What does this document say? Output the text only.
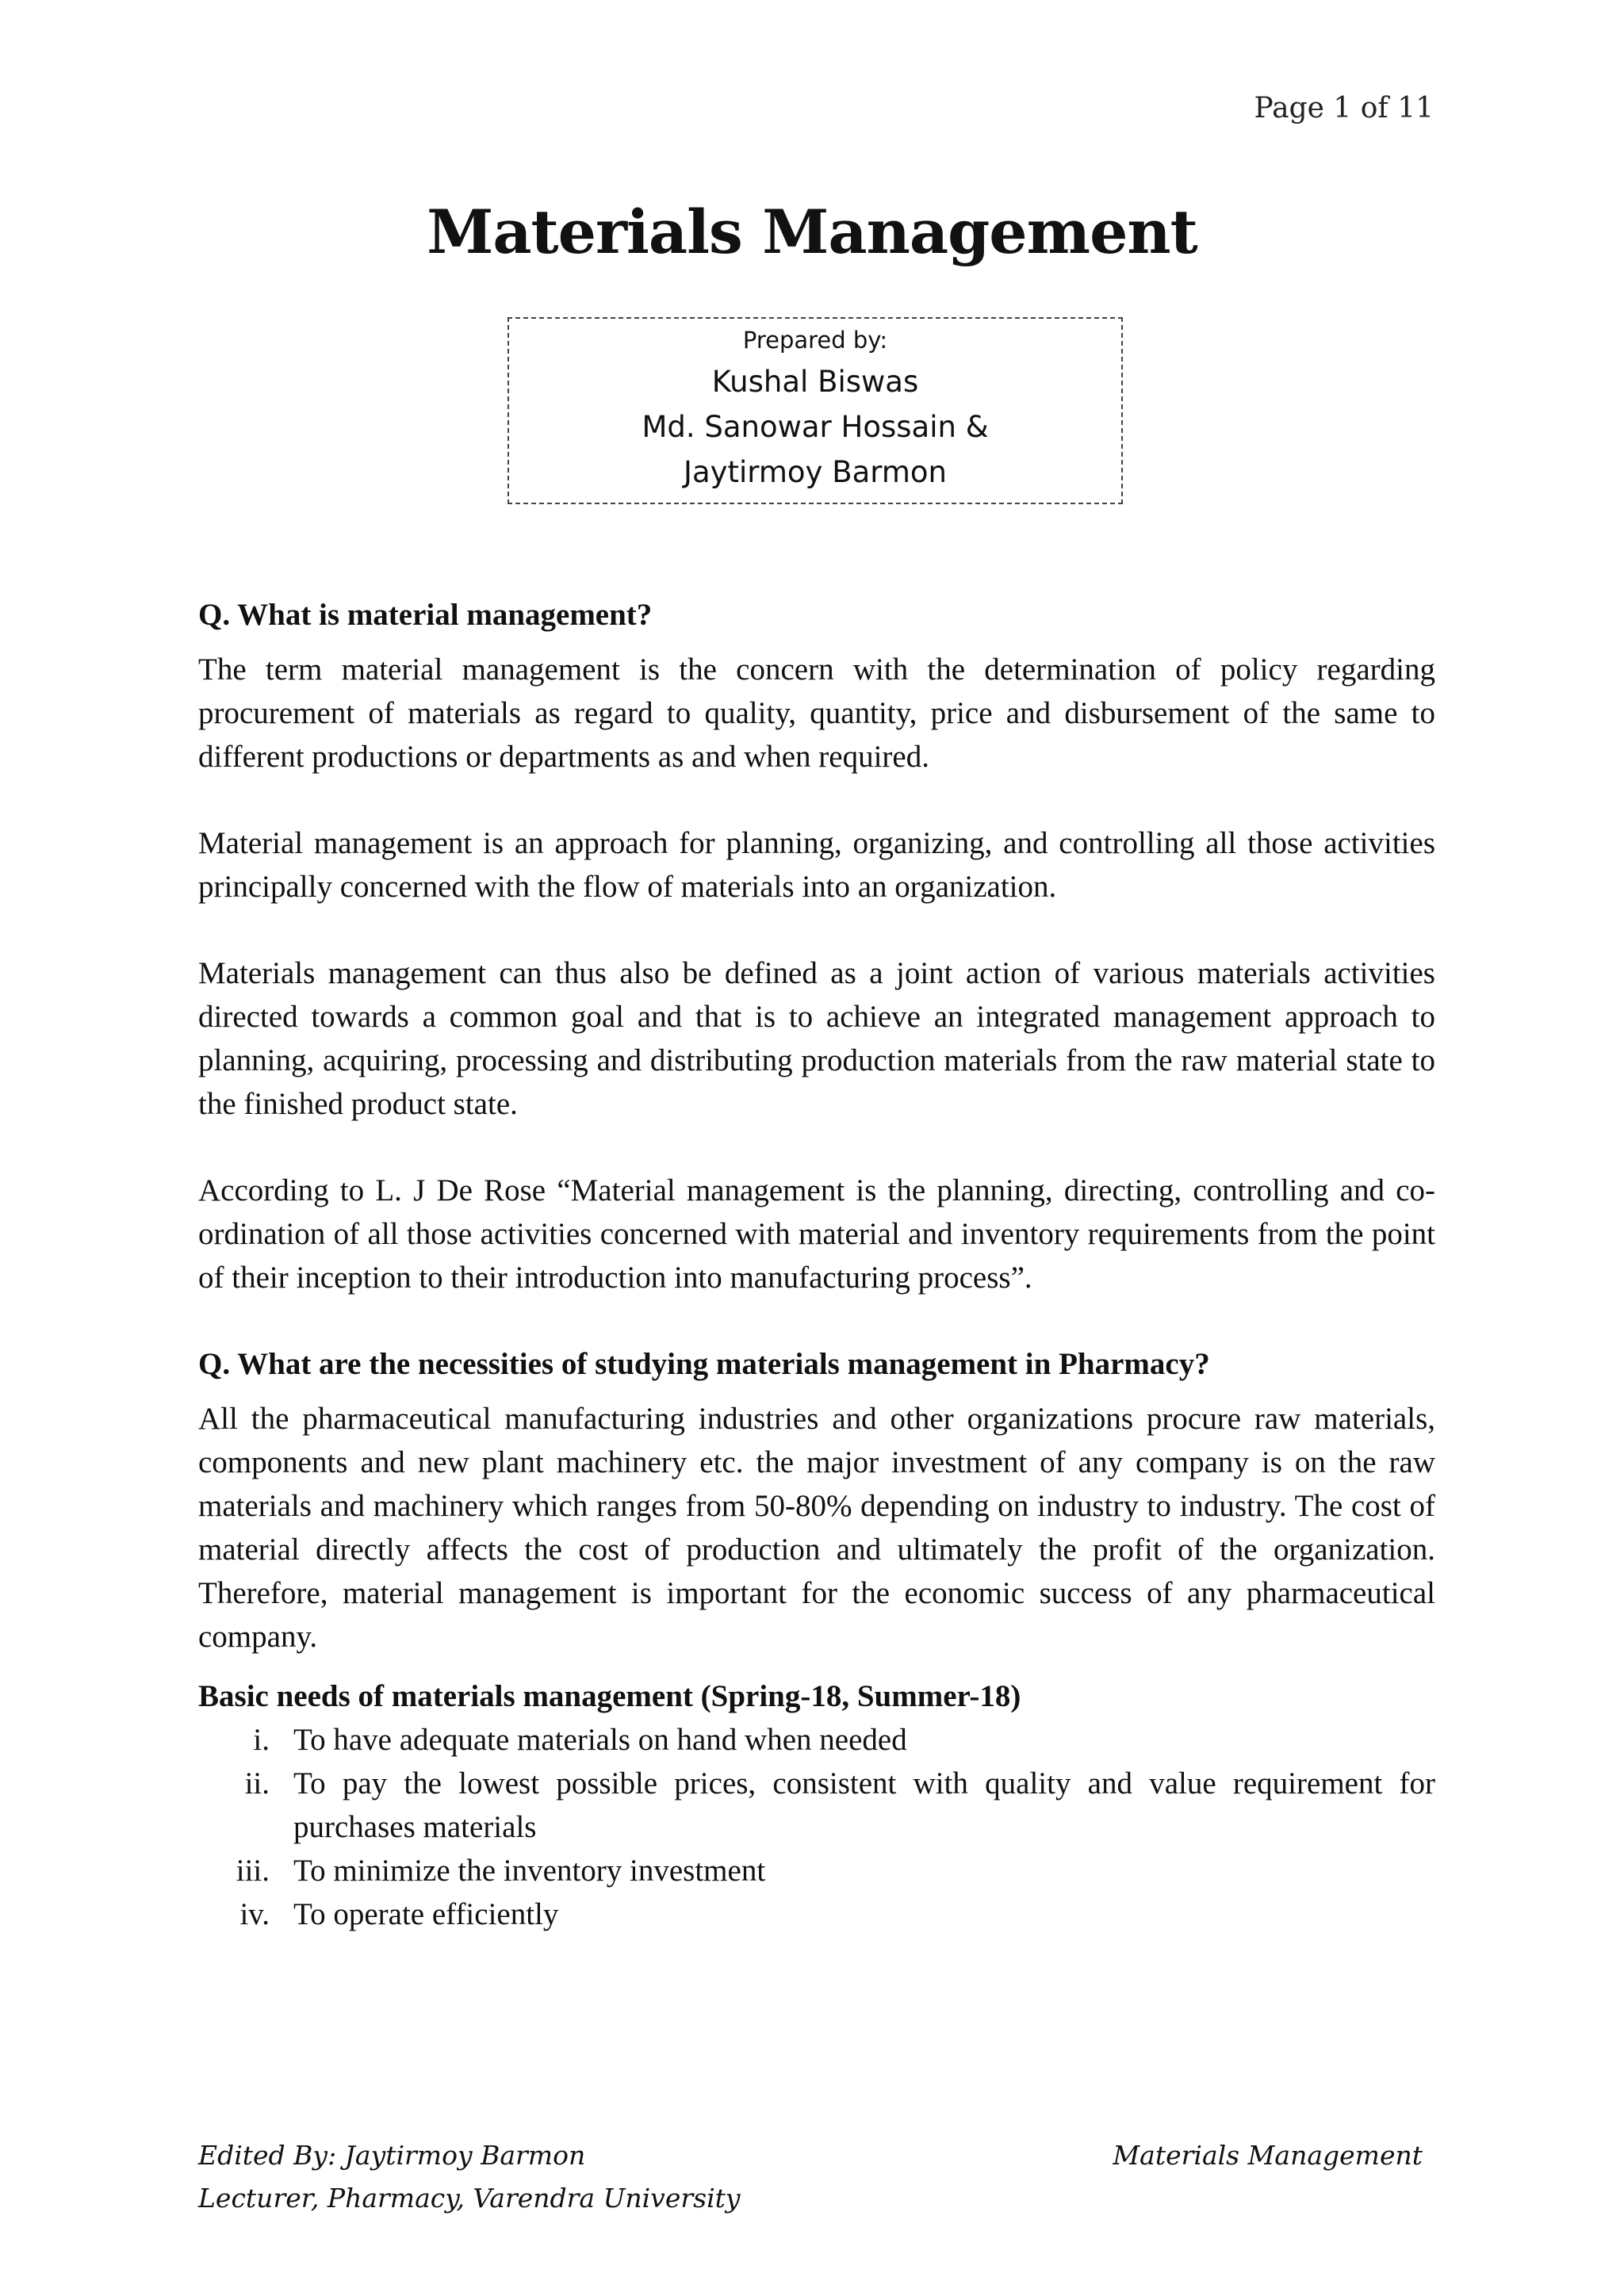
Page 1 of 11
Materials Management
Prepared by:
Kushal Biswas
Md. Sanowar Hossain &
Jaytirmoy Barmon
Q. What is material management?

The term material management is the concern with the determination of policy regarding procurement of materials as regard to quality, quantity, price and disbursement of the same to different productions or departments as and when required.

Material management is an approach for planning, organizing, and controlling all those activities principally concerned with the flow of materials into an organization.

Materials management can thus also be defined as a joint action of various materials activities directed towards a common goal and that is to achieve an integrated management approach to planning, acquiring, processing and distributing production materials from the raw material state to the finished product state.

According to L. J De Rose “Material management is the planning, directing, controlling and co-ordination of all those activities concerned with material and inventory requirements from the point of their inception to their introduction into manufacturing process”.

Q. What are the necessities of studying materials management in Pharmacy?

All the pharmaceutical manufacturing industries and other organizations procure raw materials, components and new plant machinery etc. the major investment of any company is on the raw materials and machinery which ranges from 50-80% depending on industry to industry. The cost of material directly affects the cost of production and ultimately the profit of the organization. Therefore, material management is important for the economic success of any pharmaceutical company.

Basic needs of materials management (Spring-18, Summer-18)
i. To have adequate materials on hand when needed
ii. To pay the lowest possible prices, consistent with quality and value requirement for purchases materials
iii. To minimize the inventory investment
iv. To operate efficiently
Edited By: Jaytirmoy Barmon
Lecturer, Pharmacy, Varendra University
Materials Management
